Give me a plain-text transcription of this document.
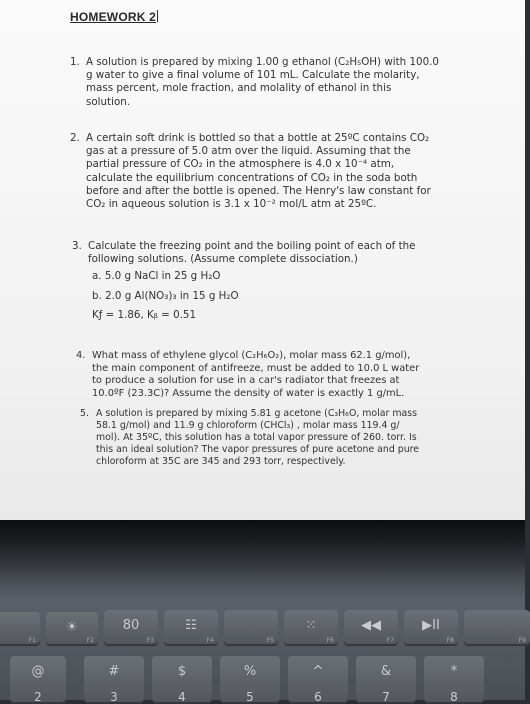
HOMEWORK 2
1. A solution is prepared by mixing 1.00 g ethanol (C₂H₅OH) with 100.0

g water to give a final volume of 101 mL. Calculate the molarity,

mass percent, mole fraction, and molality of ethanol in this

solution.

2. A certain soft drink is bottled so that a bottle at 25ºC contains CO₂

gas at a pressure of 5.0 atm over the liquid. Assuming that the

partial pressure of CO₂ in the atmosphere is 4.0 x 10⁻⁴ atm,

calculate the equilibrium concentrations of CO₂ in the soda both

before and after the bottle is opened. The Henry's law constant for

CO₂ in aqueous solution is 3.1 x 10⁻² mol/L atm at 25ºC.

3. Calculate the freezing point and the boiling point of each of the

following solutions. (Assume complete dissociation.)

a. 5.0 g NaCl in 25 g H₂O

b. 2.0 g Al(NO₃)₃ in 15 g H₂O

Kƒ = 1.86, Kᵦ = 0.51

4. What mass of ethylene glycol (C₂H₆O₂), molar mass 62.1 g/mol),

the main component of antifreeze, must be added to 10.0 L water

to produce a solution for use in a car's radiator that freezes at

10.0ºF (23.3C)? Assume the density of water is exactly 1 g/mL.

5. A solution is prepared by mixing 5.81 g acetone (C₃H₆O, molar mass

58.1 g/mol) and 11.9 g chloroform (CHCl₃) , molar mass 119.4 g/

mol). At 35ºC, this solution has a total vapor pressure of 260. torr. Is

this an ideal solution? The vapor pressures of pure acetone and pure

chloroform at 35C are 345 and 293 torr, respectively.

F1
☀
F2
80
F3
☷
F4	F5
⁙
F6
◀◀
F7
▶II
F8	F9
@
2
#
3
$
4
%
5
^
6
&
7
*
8
